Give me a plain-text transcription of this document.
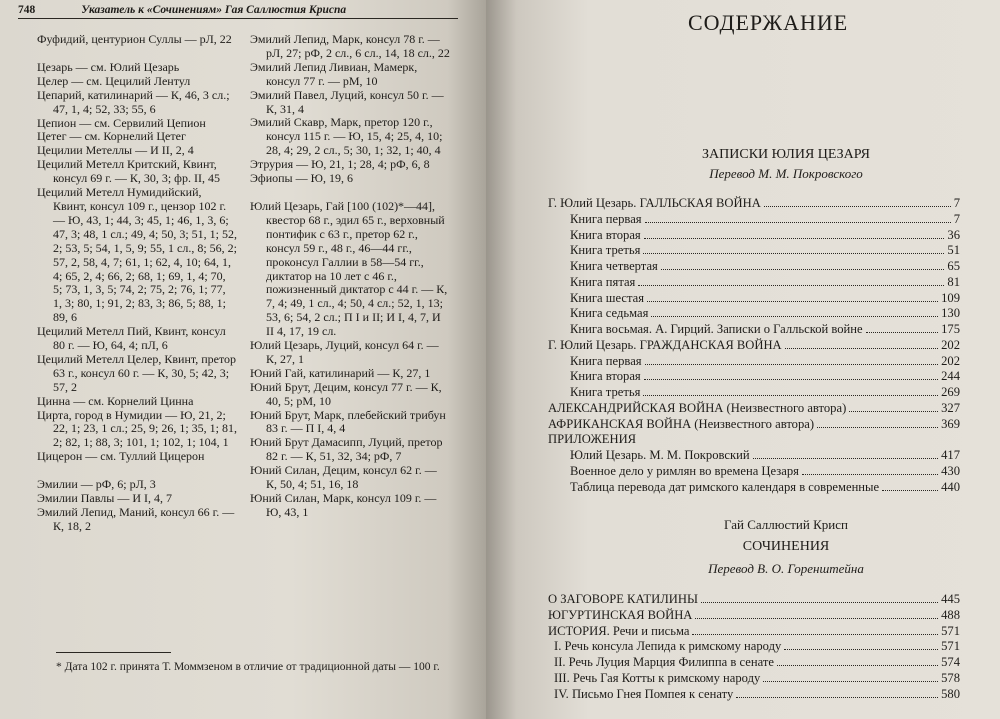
748	Указатель к «Сочинениям» Гая Саллюстия Криспа
Фуфидий, центурион Суллы — рЛ, 22
Цезарь — см. Юлий Цезарь
Целер — см. Цецилий Лентул
Цепарий, катилинарий — К, 46, 3 сл.; 47, 1, 4; 52, 33; 55, 6
Цепион — см. Сервилий Цепион
Цетег — см. Корнелий Цетег
Цецилии Метеллы — И II, 2, 4
Цецилий Метелл Критский, Квинт, консул 69 г. — К, 30, 3; фр. II, 45
Цецилий Метелл Нумидийский, Квинт, консул 109 г., цензор 102 г. — Ю, 43, 1; 44, 3; 45, 1; 46, 1, 3, 6; 47, 3; 48, 1 сл.; 49, 4; 50, 3; 51, 1; 52, 2; 53, 5; 54, 1, 5, 9; 55, 1 сл., 8; 56, 2; 57, 2, 58, 4, 7; 61, 1; 62, 4, 10; 64, 1, 4; 65, 2, 4; 66, 2; 68, 1; 69, 1, 4; 70, 5; 73, 1, 3, 5; 74, 2; 75, 2; 76, 1; 77, 1, 3; 80, 1; 91, 2; 83, 3; 86, 5; 88, 1; 89, 6
Цецилий Метелл Пий, Квинт, консул 80 г. — Ю, 64, 4; пЛ, 6
Цецилий Метелл Целер, Квинт, претор 63 г., консул 60 г. — К, 30, 5; 42, 3; 57, 2
Цинна — см. Корнелий Цинна
Цирта, город в Нумидии — Ю, 21, 2; 22, 1; 23, 1 сл.; 25, 9; 26, 1; 35, 1; 81, 2; 82, 1; 88, 3; 101, 1; 102, 1; 104, 1
Цицерон — см. Туллий Цицерон
Эмилии — рФ, 6; рЛ, 3
Эмилии Павлы — И I, 4, 7
Эмилий Лепид, Маний, консул 66 г. — К, 18, 2
Эмилий Лепид, Марк, консул 78 г. — рЛ, 27; рФ, 2 сл., 6 сл., 14, 18 сл., 22
Эмилий Лепид Ливиан, Мамерк, консул 77 г. — рМ, 10
Эмилий Павел, Луций, консул 50 г. — К, 31, 4
Эмилий Скавр, Марк, претор 120 г., консул 115 г. — Ю, 15, 4; 25, 4, 10; 28, 4; 29, 2 сл., 5; 30, 1; 32, 1; 40, 4
Этрурия — Ю, 21, 1; 28, 4; рФ, 6, 8
Эфиопы — Ю, 19, 6
Юлий Цезарь, Гай [100 (102)*—44], квестор 68 г., эдил 65 г., верховный понтифик с 63 г., претор 62 г., консул 59 г., 48 г., 46—44 гг., проконсул Галлии в 58—54 гг., диктатор на 10 лет с 46 г., пожизненный диктатор с 44 г. — К, 7, 4; 49, 1 сл., 4; 50, 4 сл.; 52, 1, 13; 53, 6; 54, 2 сл.; П I и II; И I, 4, 7, И II 4, 17, 19 сл.
Юлий Цезарь, Луций, консул 64 г. — К, 27, 1
Юний Гай, катилинарий — К, 27, 1
Юний Брут, Децим, консул 77 г. — К, 40, 5; рМ, 10
Юний Брут, Марк, плебейский трибун 83 г. — П I, 4, 4
Юний Брут Дамасипп, Луций, претор 82 г. — К, 51, 32, 34; рФ, 7
Юний Силан, Децим, консул 62 г. — К, 50, 4; 51, 16, 18
Юний Силан, Марк, консул 109 г. — Ю, 43, 1
* Дата 102 г. принята Т. Моммзеном в отличие от традиционной даты — 100 г.
СОДЕРЖАНИЕ
ЗАПИСКИ ЮЛИЯ ЦЕЗАРЯ
Перевод М. М. Покровского
Г. Юлий Цезарь. ГАЛЛЬСКАЯ ВОЙНА	7
Книга первая	7
Книга вторая	36
Книга третья	51
Книга четвертая	65
Книга пятая	81
Книга шестая	109
Книга седьмая	130
Книга восьмая. А. Гирций. Записки о Галльской войне	175
Г. Юлий Цезарь. ГРАЖДАНСКАЯ ВОЙНА	202
Книга первая	202
Книга вторая	244
Книга третья	269
АЛЕКСАНДРИЙСКАЯ ВОЙНА (Неизвестного автора)	327
АФРИКАНСКАЯ ВОЙНА (Неизвестного автора)	369
ПРИЛОЖЕНИЯ
Юлий Цезарь. М. М. Покровский	417
Военное дело у римлян во времена Цезаря	430
Таблица перевода дат римского календаря в современные	440
Гай Саллюстий Крисп
СОЧИНЕНИЯ
Перевод В. О. Горенштейна
О ЗАГОВОРЕ КАТИЛИНЫ	445
ЮГУРТИНСКАЯ ВОЙНА	488
ИСТОРИЯ. Речи и письма	571
I. Речь консула Лепида к римскому народу	571
II. Речь Луция Марция Филиппа в сенате	574
III. Речь Гая Котты к римскому народу	578
IV. Письмо Гнея Помпея к сенату	580
